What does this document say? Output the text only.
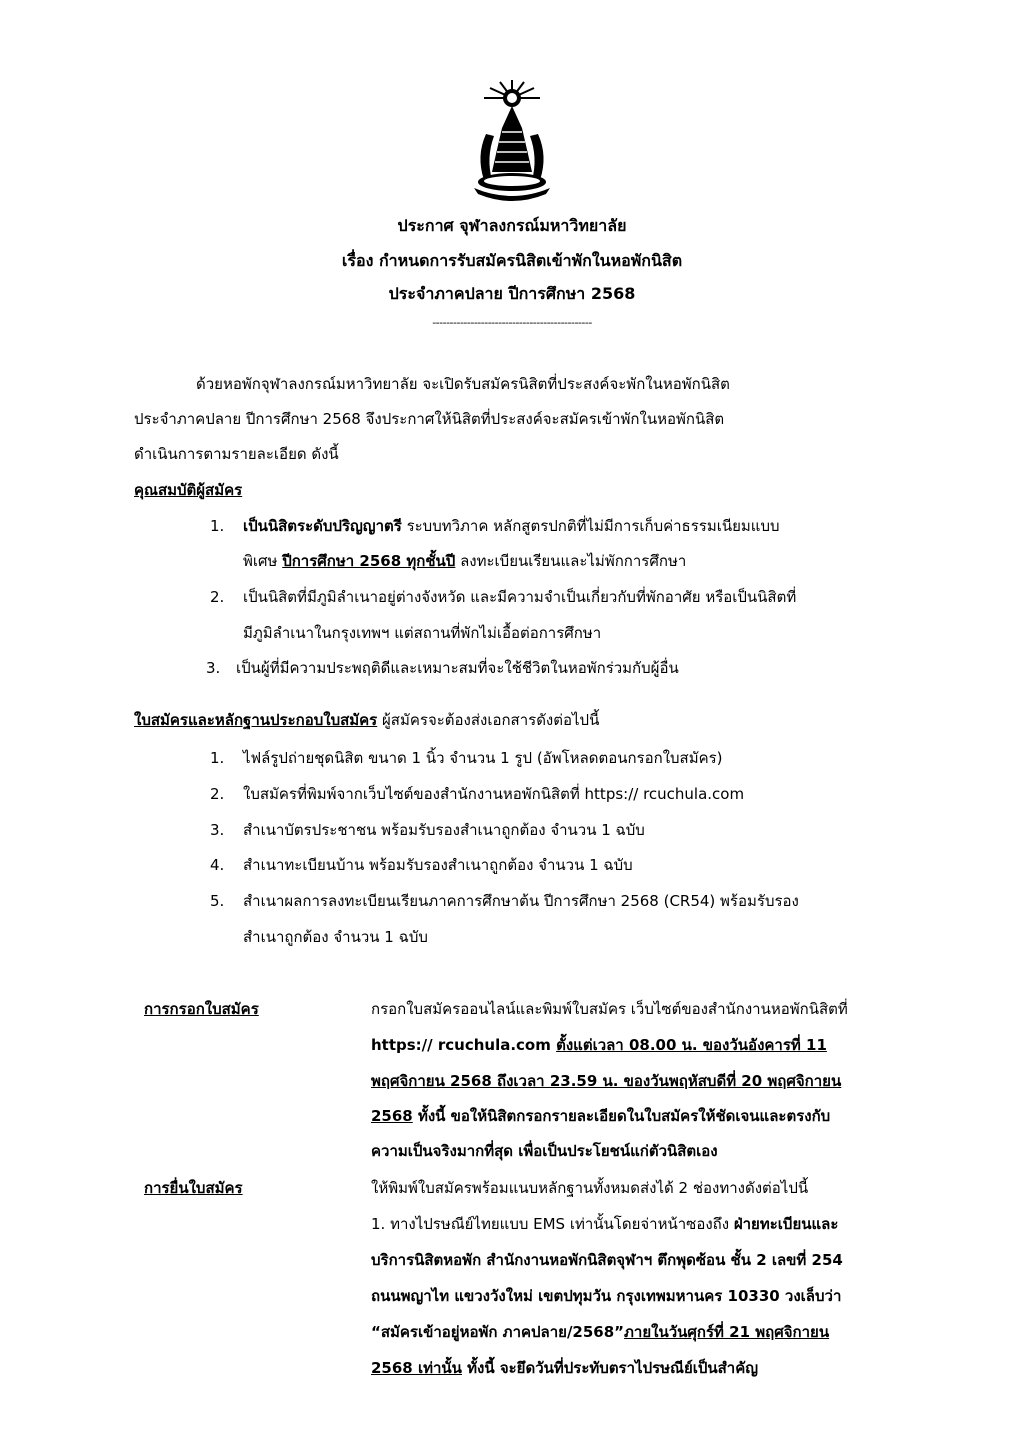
ประกาศ จุฬาลงกรณ์มหาวิทยาลัย
เรื่อง กำหนดการรับสมัครนิสิตเข้าพักในหอพักนิสิต
ประจำภาคปลาย ปีการศึกษา 2568
----------------------------------------------
ด้วยหอพักจุฬาลงกรณ์มหาวิทยาลัย จะเปิดรับสมัครนิสิตที่ประสงค์จะพักในหอพักนิสิต
ประจำภาคปลาย ปีการศึกษา 2568 จึงประกาศให้นิสิตที่ประสงค์จะสมัครเข้าพักในหอพักนิสิต
ดำเนินการตามรายละเอียด ดังนี้
คุณสมบัติผู้สมัคร
1. เป็นนิสิตระดับปริญญาตรี ระบบทวิภาค หลักสูตรปกติที่ไม่มีการเก็บค่าธรรมเนียมแบบ
พิเศษ ปีการศึกษา 2568 ทุกชั้นปี ลงทะเบียนเรียนและไม่พักการศึกษา
2. เป็นนิสิตที่มีภูมิลำเนาอยู่ต่างจังหวัด และมีความจำเป็นเกี่ยวกับที่พักอาศัย หรือเป็นนิสิตที่
มีภูมิลำเนาในกรุงเทพฯ แต่สถานที่พักไม่เอื้อต่อการศึกษา
3. เป็นผู้ที่มีความประพฤติดีและเหมาะสมที่จะใช้ชีวิตในหอพักร่วมกับผู้อื่น
ใบสมัครและหลักฐานประกอบใบสมัคร ผู้สมัครจะต้องส่งเอกสารดังต่อไปนี้
1. ไฟล์รูปถ่ายชุดนิสิต ขนาด 1 นิ้ว จำนวน 1 รูป (อัพโหลดตอนกรอกใบสมัคร)
2. ใบสมัครที่พิมพ์จากเว็บไซต์ของสำนักงานหอพักนิสิตที่ https:// rcuchula.com
3. สำเนาบัตรประชาชน พร้อมรับรองสำเนาถูกต้อง จำนวน 1 ฉบับ
4. สำเนาทะเบียนบ้าน พร้อมรับรองสำเนาถูกต้อง จำนวน 1 ฉบับ
5. สำเนาผลการลงทะเบียนเรียนภาคการศึกษาต้น ปีการศึกษา 2568 (CR54) พร้อมรับรอง
สำเนาถูกต้อง จำนวน 1 ฉบับ
การกรอกใบสมัคร	กรอกใบสมัครออนไลน์และพิมพ์ใบสมัคร เว็บไซต์ของสำนักงานหอพักนิสิตที่
https:// rcuchula.com ตั้งแต่เวลา 08.00 น. ของวันอังคารที่ 11
พฤศจิกายน 2568 ถึงเวลา 23.59 น. ของวันพฤหัสบดีที่ 20 พฤศจิกายน
2568 ทั้งนี้ ขอให้นิสิตกรอกรายละเอียดในใบสมัครให้ชัดเจนและตรงกับ
ความเป็นจริงมากที่สุด เพื่อเป็นประโยชน์แก่ตัวนิสิตเอง
การยื่นใบสมัคร	ให้พิมพ์ใบสมัครพร้อมแนบหลักฐานทั้งหมดส่งได้ 2 ช่องทางดังต่อไปนี้
1. ทางไปรษณีย์ไทยแบบ EMS เท่านั้นโดยจ่าหน้าซองถึง ฝ่ายทะเบียนและ
บริการนิสิตหอพัก สำนักงานหอพักนิสิตจุฬาฯ ตึกพุดซ้อน ชั้น 2 เลขที่ 254
ถนนพญาไท แขวงวังใหม่ เขตปทุมวัน กรุงเทพมหานคร 10330 วงเล็บว่า
“สมัครเข้าอยู่หอพัก ภาคปลาย/2568”ภายในวันศุกร์ที่ 21 พฤศจิกายน
2568 เท่านั้น ทั้งนี้ จะยึดวันที่ประทับตราไปรษณีย์เป็นสำคัญ
